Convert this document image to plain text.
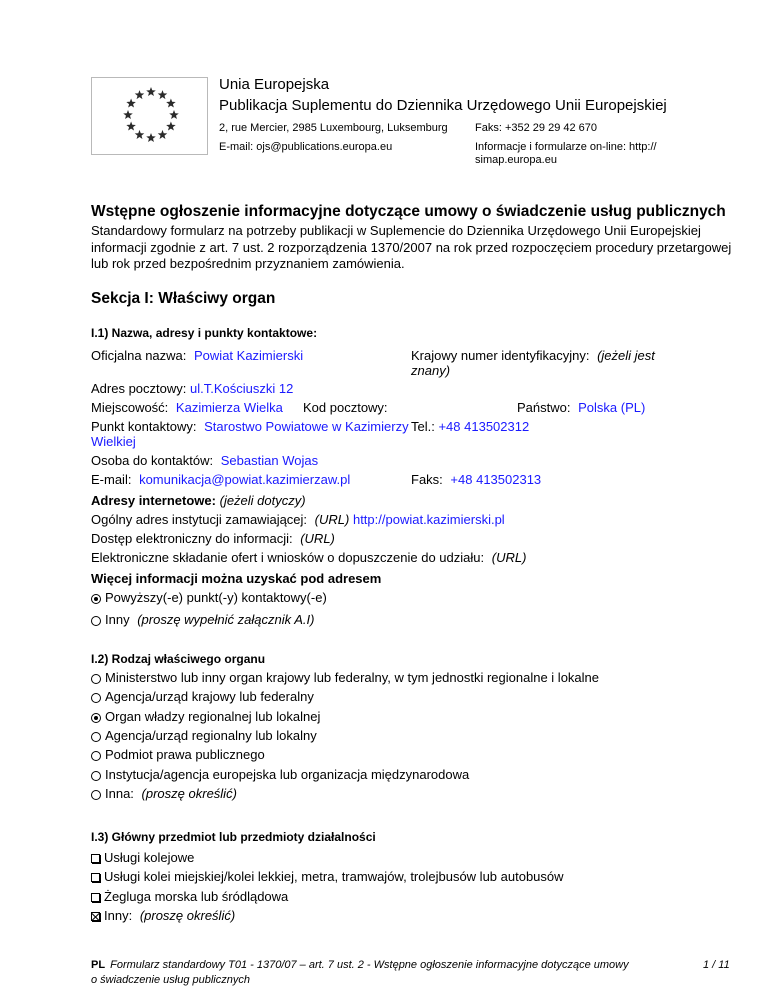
Unia Europejska
Publikacja Suplementu do Dziennika Urzędowego Unii Europejskiej
2, rue Mercier, 2985 Luxembourg, Luksemburg Faks: +352 29 29 42 670
E-mail: ojs@publications.europa.eu	Informacje i formularze on-line: http://
simap.europa.eu
Wstępne ogłoszenie informacyjne dotyczące umowy o świadczenie usług publicznych
Standardowy formularz na potrzeby publikacji w Suplemencie do Dziennika Urzędowego Unii Europejskiej
informacji zgodnie z art. 7 ust. 2 rozporządzenia 1370/2007 na rok przed rozpoczęciem procedury przetargowej
lub rok przed bezpośrednim przyznaniem zamówienia.
Sekcja I: Właściwy organ
I.1) Nazwa, adresy i punkty kontaktowe:
Oficjalna nazwa: Powiat Kazimierski	Krajowy numer identyfikacyjny: (jeżeli jest
znany)
Adres pocztowy: ul.T.Kościuszki 12
Miejscowość: Kazimierza Wielka Kod pocztowy:	Państwo: Polska (PL)
Punkt kontaktowy: Starostwo Powiatowe w Kazimierzy
Wielkiej
Tel.: +48 413502312
Osoba do kontaktów: Sebastian Wojas
E-mail: komunikacja@powiat.kazimierzaw.pl	Faks: +48 413502313
Adresy internetowe: (jeżeli dotyczy)
Ogólny adres instytucji zamawiającej: (URL) http://powiat.kazimierski.pl
Dostęp elektroniczny do informacji: (URL)
Elektroniczne składanie ofert i wniosków o dopuszczenie do udziału: (URL)
Więcej informacji można uzyskać pod adresem
Powyższy(-e) punkt(-y) kontaktowy(-e)
Inny (proszę wypełnić załącznik A.I)
I.2) Rodzaj właściwego organu
Ministerstwo lub inny organ krajowy lub federalny, w tym jednostki regionalne i lokalne
Agencja/urząd krajowy lub federalny
Organ władzy regionalnej lub lokalnej
Agencja/urząd regionalny lub lokalny
Podmiot prawa publicznego
Instytucja/agencja europejska lub organizacja międzynarodowa
Inna: (proszę określić)
I.3) Główny przedmiot lub przedmioty działalności
Usługi kolejowe
Usługi kolei miejskiej/kolei lekkiej, metra, tramwajów, trolejbusów lub autobusów
Żegluga morska lub śródlądowa
Inny: (proszę określić)
PL Formularz standardowy T01 - 1370/07 – art. 7 ust. 2 - Wstępne ogłoszenie informacyjne dotyczące umowy
o świadczenie usług publicznych
1 / 11
